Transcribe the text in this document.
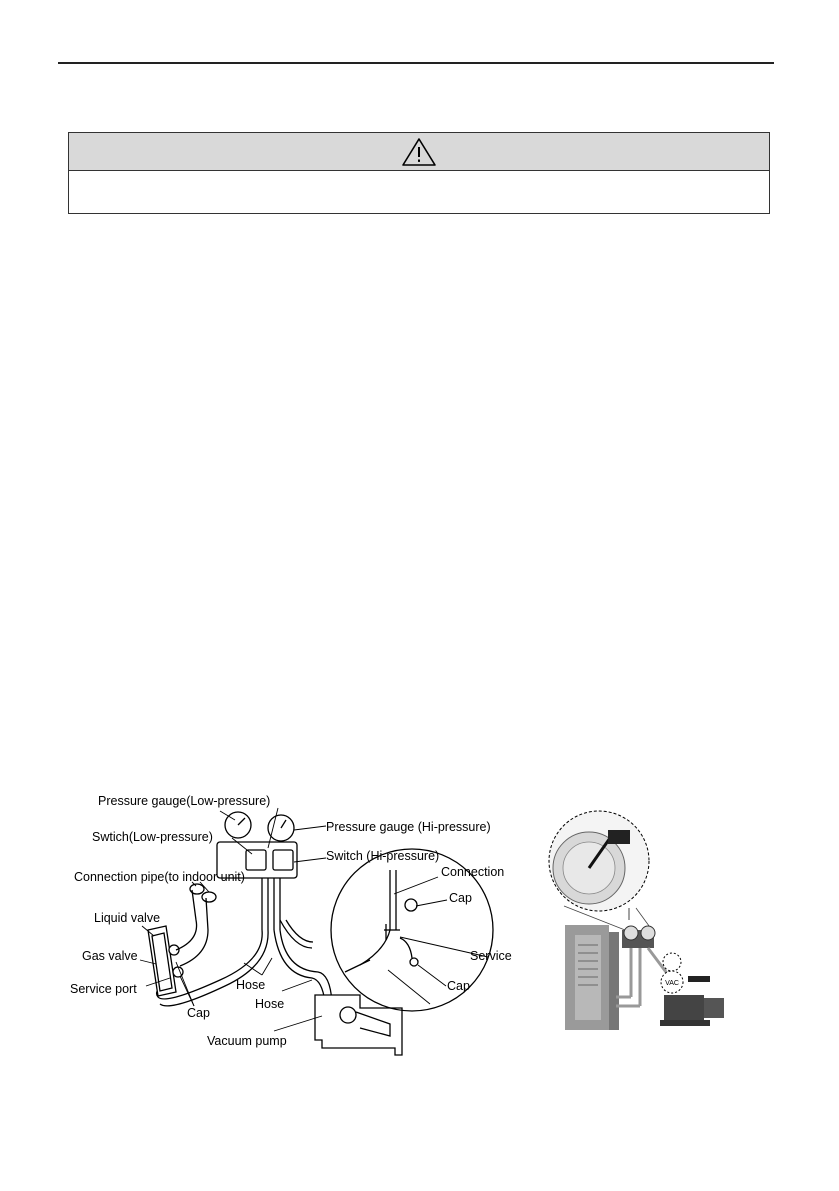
VAC
Pressure gauge(Low-pressure)
Pressure gauge (Hi-pressure)
Swtich(Low-pressure)
Switch (Hi-pressure)
Connection pipe(to indoor unit)
Liquid valve
Gas valve
Service port
Cap
Hose
Hose
Vacuum pump
Connection
Cap
Service
Cap
